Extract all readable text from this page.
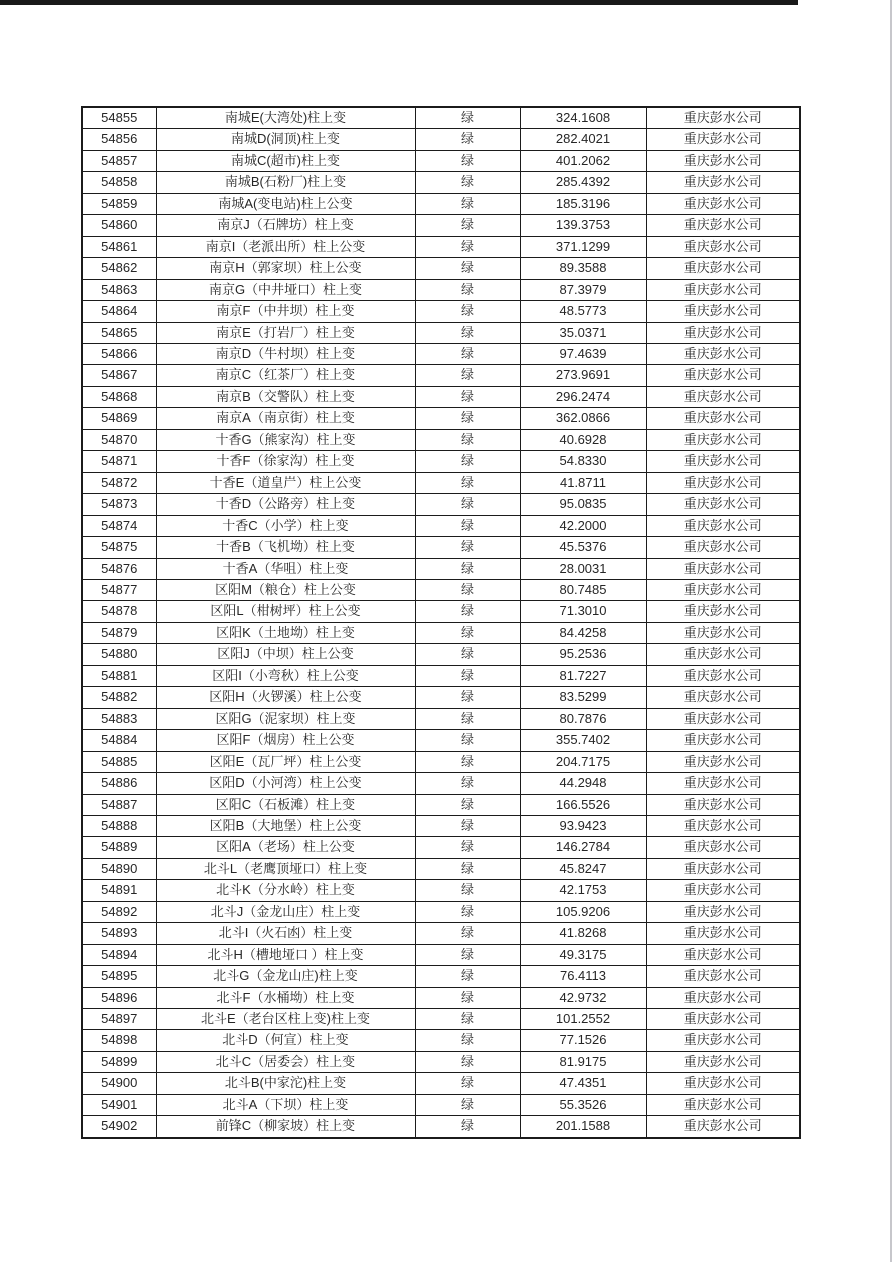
54855	南城E(大湾处)柱上变	绿	324.1608	重庆彭水公司
54856	南城D(洞顶)柱上变	绿	282.4021	重庆彭水公司
54857	南城C(超市)柱上变	绿	401.2062	重庆彭水公司
54858	南城B(石粉厂)柱上变	绿	285.4392	重庆彭水公司
54859	南城A(变电站)柱上公变	绿	185.3196	重庆彭水公司
54860	南京J（石牌坊）柱上变	绿	139.3753	重庆彭水公司
54861	南京I（老派出所）柱上公变	绿	371.1299	重庆彭水公司
54862	南京H（郭家坝）柱上公变	绿	89.3588	重庆彭水公司
54863	南京G（中井垭口）柱上变	绿	87.3979	重庆彭水公司
54864	南京F（中井坝）柱上变	绿	48.5773	重庆彭水公司
54865	南京E（打岩厂）柱上变	绿	35.0371	重庆彭水公司
54866	南京D（牛村坝）柱上变	绿	97.4639	重庆彭水公司
54867	南京C（红茶厂）柱上变	绿	273.9691	重庆彭水公司
54868	南京B（交警队）柱上变	绿	296.2474	重庆彭水公司
54869	南京A（南京街）柱上变	绿	362.0866	重庆彭水公司
54870	十香G（熊家沟）柱上变	绿	40.6928	重庆彭水公司
54871	十香F（徐家沟）柱上变	绿	54.8330	重庆彭水公司
54872	十香E（道皇屵）柱上公变	绿	41.8711	重庆彭水公司
54873	十香D（公路旁）柱上变	绿	95.0835	重庆彭水公司
54874	十香C（小学）柱上变	绿	42.2000	重庆彭水公司
54875	十香B（飞机坳）柱上变	绿	45.5376	重庆彭水公司
54876	十香A（华咀）柱上变	绿	28.0031	重庆彭水公司
54877	区阳M（粮仓）柱上公变	绿	80.7485	重庆彭水公司
54878	区阳L（柑树坪）柱上公变	绿	71.3010	重庆彭水公司
54879	区阳K（土地坳）柱上变	绿	84.4258	重庆彭水公司
54880	区阳J（中坝）柱上公变	绿	95.2536	重庆彭水公司
54881	区阳I（小弯秋）柱上公变	绿	81.7227	重庆彭水公司
54882	区阳H（火锣溪）柱上公变	绿	83.5299	重庆彭水公司
54883	区阳G（泥家坝）柱上变	绿	80.7876	重庆彭水公司
54884	区阳F（烟房）柱上公变	绿	355.7402	重庆彭水公司
54885	区阳E（瓦厂坪）柱上公变	绿	204.7175	重庆彭水公司
54886	区阳D（小河湾）柱上公变	绿	44.2948	重庆彭水公司
54887	区阳C（石板滩）柱上变	绿	166.5526	重庆彭水公司
54888	区阳B（大地堡）柱上公变	绿	93.9423	重庆彭水公司
54889	区阳A（老场）柱上公变	绿	146.2784	重庆彭水公司
54890	北斗L（老鹰顶垭口）柱上变	绿	45.8247	重庆彭水公司
54891	北斗K（分水岭）柱上变	绿	42.1753	重庆彭水公司
54892	北斗J（金龙山庄）柱上变	绿	105.9206	重庆彭水公司
54893	北斗I（火石凼）柱上变	绿	41.8268	重庆彭水公司
54894	北斗H（槽地垭口 ）柱上变	绿	49.3175	重庆彭水公司
54895	北斗G（金龙山庄)柱上变	绿	76.4113	重庆彭水公司
54896	北斗F（水桶坳）柱上变	绿	42.9732	重庆彭水公司
54897	北斗E（老台区柱上变)柱上变	绿	101.2552	重庆彭水公司
54898	北斗D（何宣）柱上变	绿	77.1526	重庆彭水公司
54899	北斗C（居委会）柱上变	绿	81.9175	重庆彭水公司
54900	北斗B(中家沱)柱上变	绿	47.4351	重庆彭水公司
54901	北斗A（下坝）柱上变	绿	55.3526	重庆彭水公司
54902	前锋C（柳家坡）柱上变	绿	201.1588	重庆彭水公司
